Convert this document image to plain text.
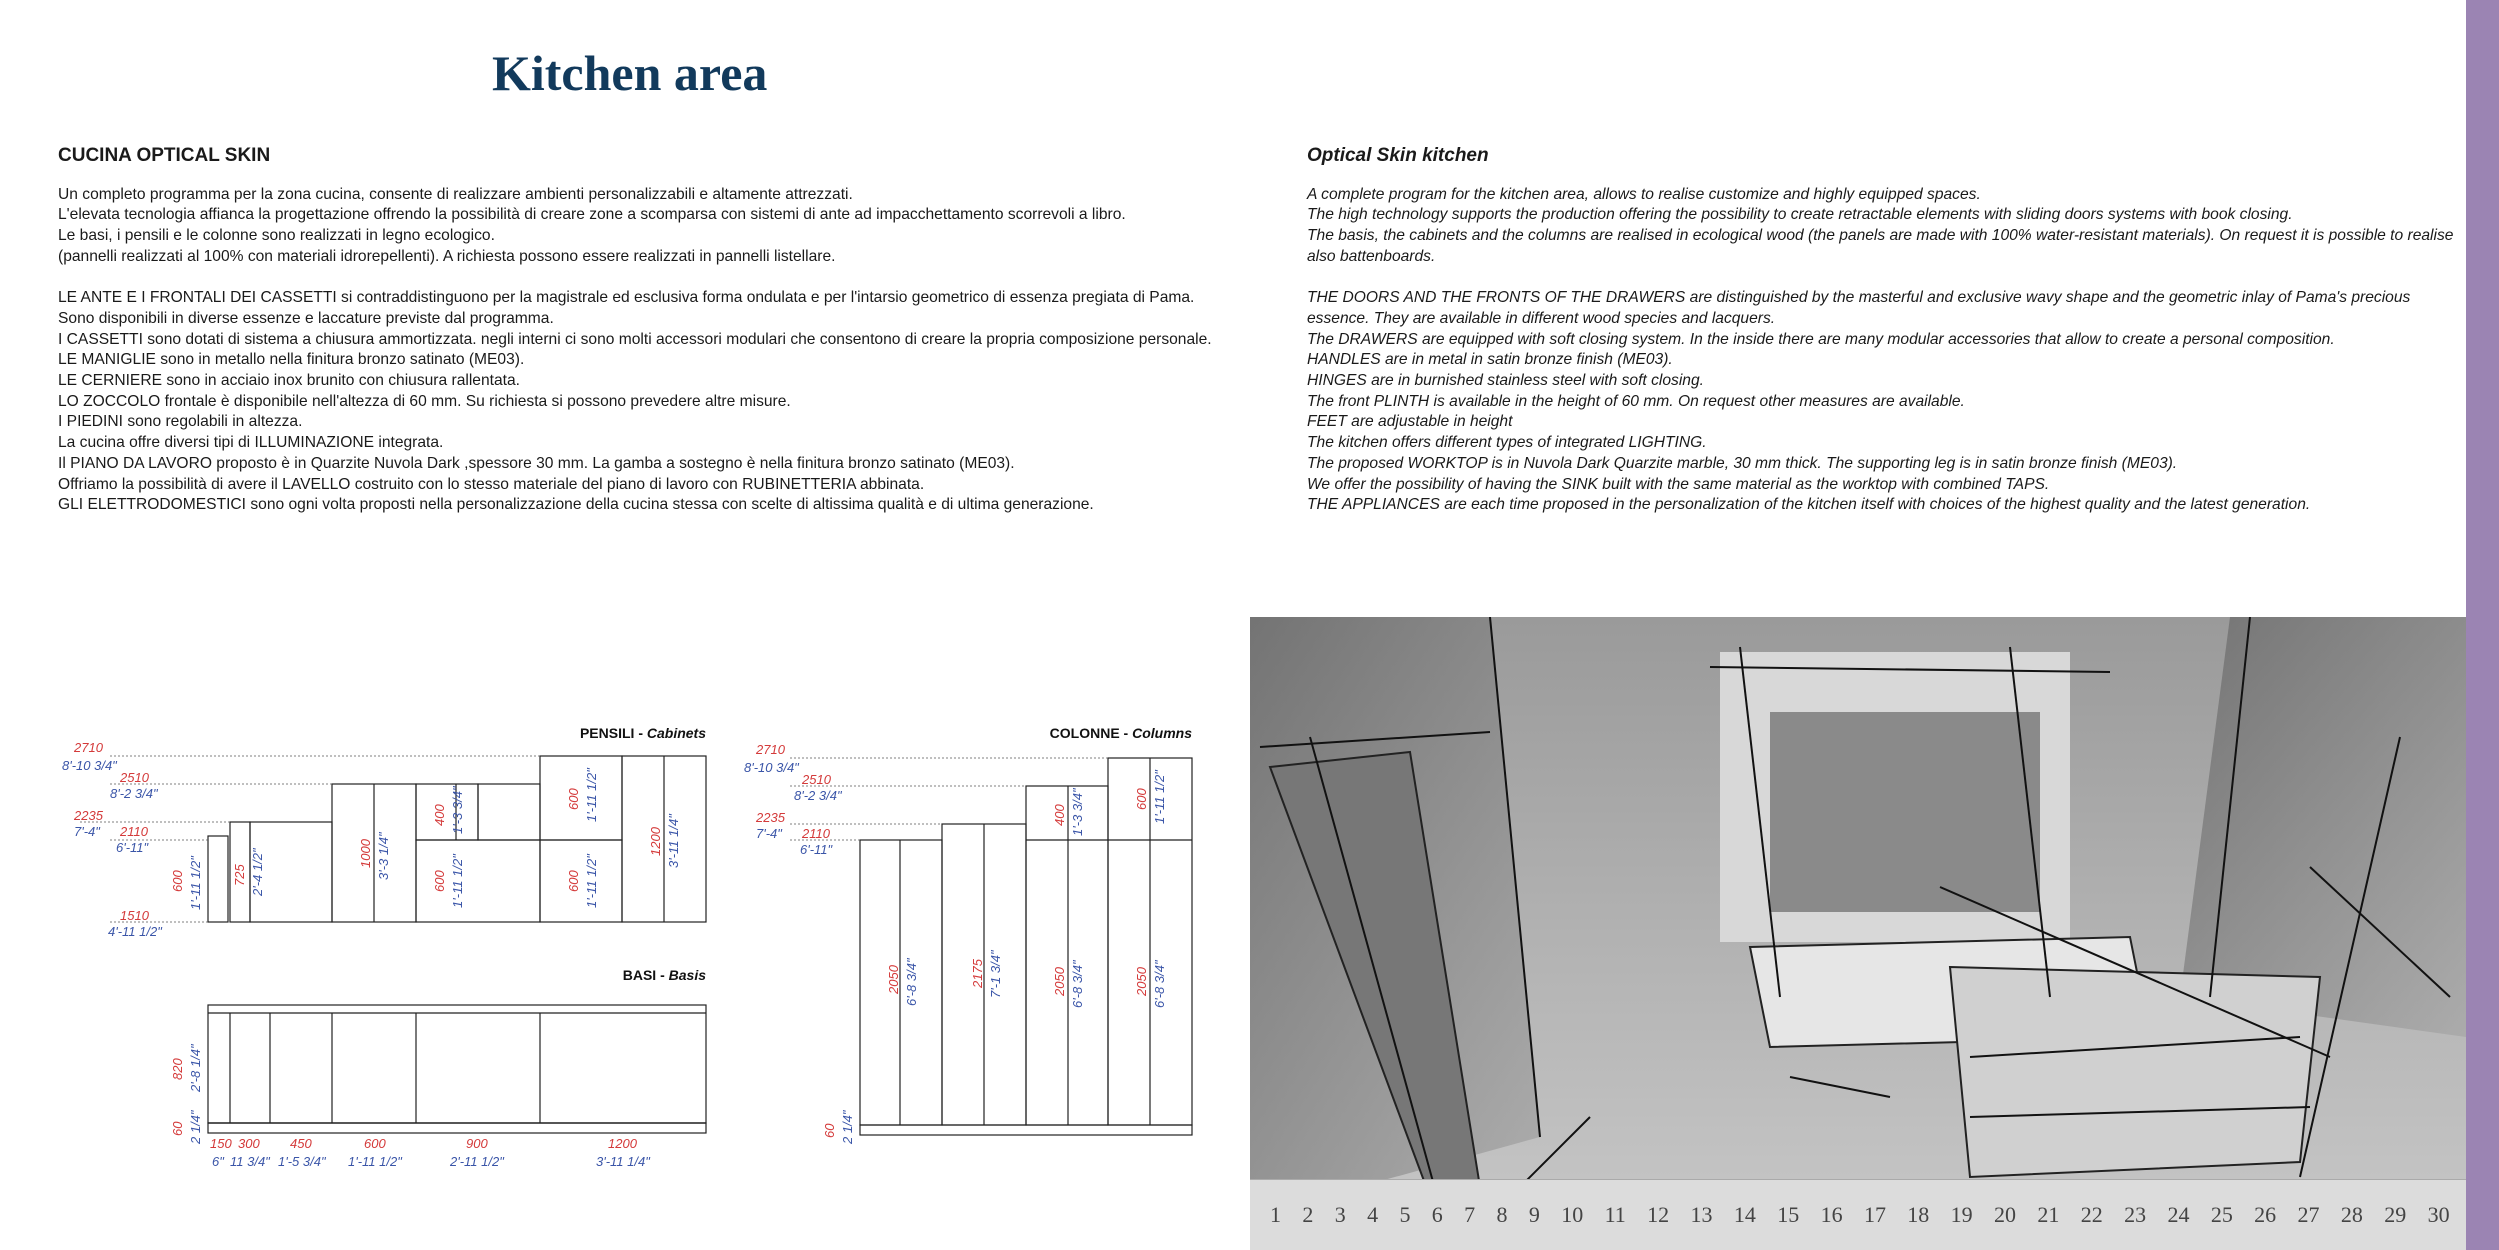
Kitchen area
CUCINA OPTICAL SKIN

Un completo programma per la zona cucina, consente di realizzare ambienti personalizzabili e altamente attrezzati.

L'elevata tecnologia affianca la progettazione offrendo la possibilità di creare zone a scomparsa con sistemi di ante ad impacchettamento scorrevoli a libro.

Le basi, i pensili e le colonne sono realizzati in legno ecologico.

(pannelli realizzati al 100% con materiali idrorepellenti). A richiesta possono essere realizzati in pannelli listellare.

LE ANTE E I FRONTALI DEI CASSETTI si contraddistinguono per la magistrale ed esclusiva forma ondulata e per l'intarsio geometrico di essenza pregiata di Pama.

Sono disponibili in diverse essenze e laccature previste dal programma.

I CASSETTI sono dotati di sistema a chiusura ammortizzata. negli interni ci sono molti accessori modulari che consentono di creare la propria composizione personale.

LE MANIGLIE sono in metallo nella finitura bronzo satinato (ME03).

LE CERNIERE sono in acciaio inox brunito con chiusura rallentata.

LO ZOCCOLO frontale è disponibile nell'altezza di 60 mm. Su richiesta si possono prevedere altre misure.

I PIEDINI sono regolabili in altezza.

La cucina offre diversi tipi di ILLUMINAZIONE integrata.

Il PIANO DA LAVORO proposto è in Quarzite Nuvola Dark ,spessore 30 mm. La gamba a sostegno è nella finitura bronzo satinato (ME03).

Offriamo la possibilità di avere il LAVELLO costruito con lo stesso materiale del piano di lavoro con RUBINETTERIA abbinata.

GLI ELETTRODOMESTICI sono ogni volta proposti nella personalizzazione della cucina stessa con scelte di altissima qualità e di ultima generazione.

Optical Skin kitchen

A complete program for the kitchen area, allows to realise customize and highly equipped spaces.

The high technology supports the production offering the possibility to create retractable elements with sliding doors systems with book closing.

The basis, the cabinets and the columns are realised in ecological wood (the panels are made with 100% water-resistant materials). On request it is possible to realise also battenboards.

THE DOORS AND THE FRONTS OF THE DRAWERS are distinguished by the masterful and exclusive wavy shape and the geometric inlay of Pama's precious essence. They are available in different wood species and lacquers.

The DRAWERS are equipped with soft closing system. In the inside there are many modular accessories that allow to create a personal composition.

HANDLES are in metal in satin bronze finish (ME03).

HINGES are in burnished stainless steel with soft closing.

The front PLINTH is available in the height of 60 mm. On request other measures are available.

FEET are adjustable in height

The kitchen offers different types of integrated LIGHTING.

The proposed WORKTOP is in Nuvola Dark Quarzite marble, 30 mm thick. The supporting leg is in satin bronze finish (ME03).

We offer the possibility of having the SINK built with the same material as the worktop with combined TAPS.

THE APPLIANCES are each time proposed in the personalization of the kitchen itself with choices of the highest quality and the latest generation.

PENSILI - Cabinets
BASI - Basis
COLONNE - Columns
2710
8'-10 3/4"
2510
8'-2 3/4"
2235
7'-4" 2110
6'-11"
1510
4'-11 1/2"
600 1'-11 1/2" 725 2'-4 1/2"	1000 3'-3 1/4"
400 1'-3 3/4"
600 1'-11 1/2"
600 1'-11 1/2"
600 1'-11 1/2"
1200 3'-11 1/4"
820 2'-8 1/4"
60 2 1/4" 150 300 450	600	900	1200
6" 11 3/4" 1'-5 3/4" 1'-11 1/2"	2'-11 1/2"	3'-11 1/4"
2710
8'-10 3/4"
2510
8'-2 3/4"
2235
7'-4" 2110
6'-11"
2050 6'-8 3/4"	2175 7'-1 3/4"	2050 6'-8 3/4"	2050 6'-8 3/4"
400 1'-3 3/4"	600 1'-11 1/2"
60 2 1/4"
1 2 3 4 5 6 7 8 9 10 11 12 13 14 15 16 17 18 19 20 21 22 23 24 25 26 27 28 29 30
